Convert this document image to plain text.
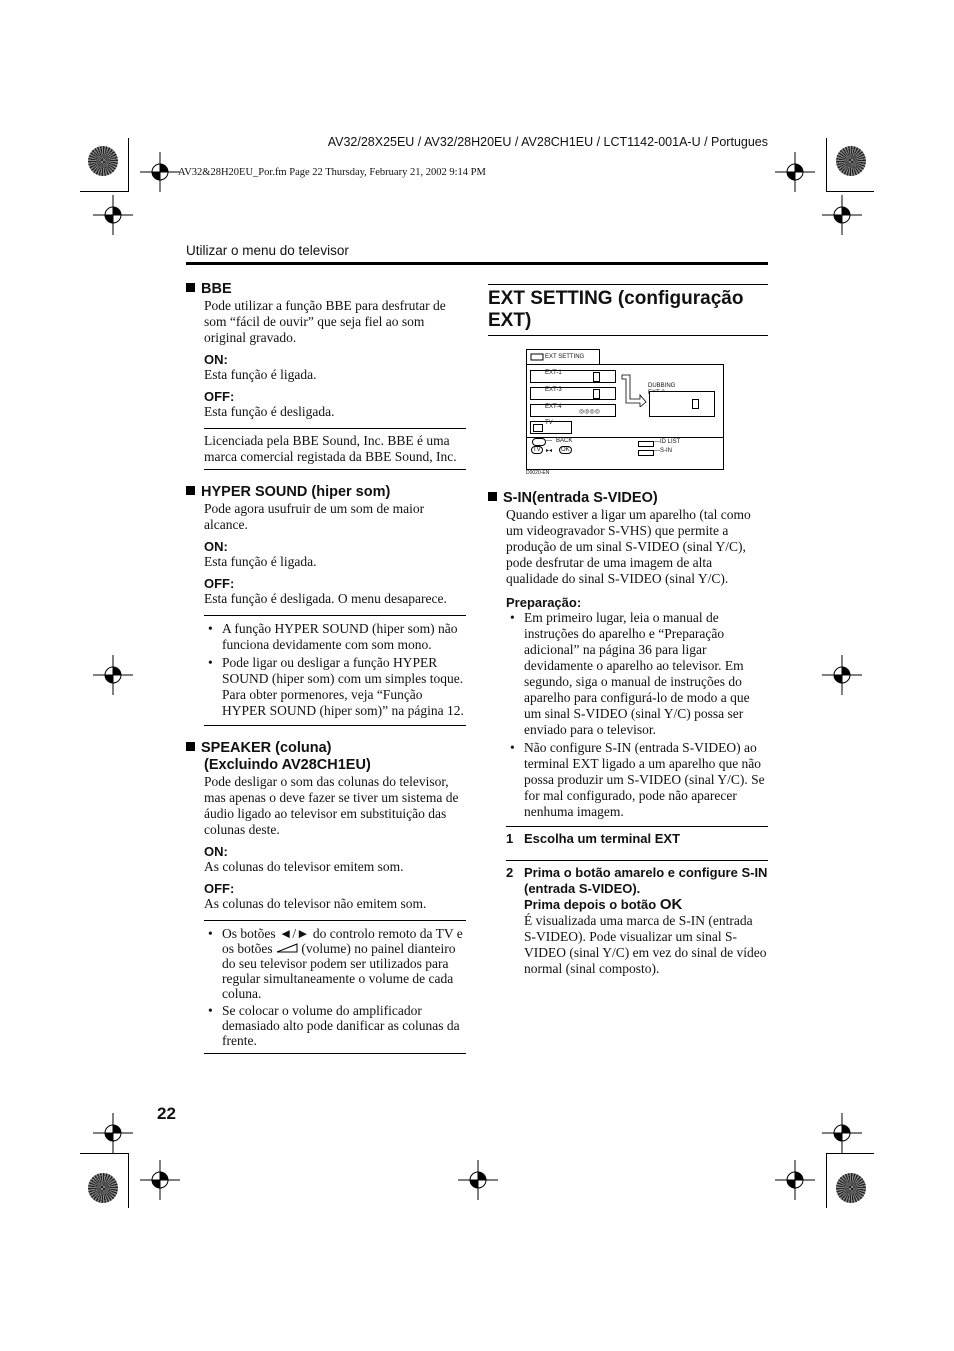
AV32/28X25EU / AV32/28H20EU / AV28CH1EU / LCT1142-001A-U / Portugues
AV32&28H20EU_Por.fm Page 22 Thursday, February 21, 2002 9:14 PM
Utilizar o menu do televisor
BBE

Pode utilizar a função BBE para desfrutar de som “fácil de ouvir” que seja fiel ao som original gravado.

ON:

Esta função é ligada.

OFF:

Esta função é desligada.

Licenciada pela BBE Sound, Inc. BBE é uma marca comercial registada da BBE Sound, Inc.

HYPER SOUND (hiper som)

Pode agora usufruir de um som de maior alcance.

ON:

Esta função é ligada.

OFF:

Esta função é desligada. O menu desaparece.

• A função HYPER SOUND (hiper som) não funciona devidamente com som mono.
• Pode ligar ou desligar a função HYPER SOUND (hiper som) com um simples toque. Para obter pormenores, veja “Função HYPER SOUND (hiper som)” na página 12.
SPEAKER (coluna)
(Excluindo AV28CH1EU)

Pode desligar o som das colunas do televisor, mas apenas o deve fazer se tiver um sistema de áudio ligado ao televisor em substituição das colunas deste.

ON:

As colunas do televisor emitem som.

OFF:

As colunas do televisor não emitem som.

• Os botões ◄/► do controlo remoto da TV e os botões (volume) no painel dianteiro do seu televisor podem ser utilizados para regular simultaneamente o volume de cada coluna.
• Se colocar o volume do amplificador demasiado alto pode danificar as colunas da frente.
22
EXT SETTING (configuração EXT)
EXT SETTING
EXT-1
EXT-3
EXT-4
◎◎◎◎
TV
DUBBING
— BACK
TV ▸◂	OK
— ID LIST
— S-IN
D0020-EN
S-IN(entrada S-VIDEO)

Quando estiver a ligar um aparelho (tal como um videogravador S-VHS) que permite a produção de um sinal S-VIDEO (sinal Y/C), pode desfrutar de uma imagem de alta qualidade do sinal S-VIDEO (sinal Y/C).

Preparação:
• Em primeiro lugar, leia o manual de instruções do aparelho e “Preparação adicional” na página 36 para ligar devidamente o aparelho ao televisor. Em segundo, siga o manual de instruções do aparelho para configurá-lo de modo a que um sinal S-VIDEO (sinal Y/C) possa ser enviado para o televisor.
• Não configure S-IN (entrada S-VIDEO) ao terminal EXT ligado a um aparelho que não possa produzir um S-VIDEO (sinal Y/C). Se for mal configurado, pode não aparecer nenhuma imagem.
1 Escolha um terminal EXT
2 Prima o botão amarelo e configure S-IN (entrada S-VIDEO).
Prima depois o botão OK

É visualizada uma marca de S-IN (entrada S-VIDEO). Pode visualizar um sinal S-VIDEO (sinal Y/C) em vez do sinal de vídeo normal (sinal composto).
